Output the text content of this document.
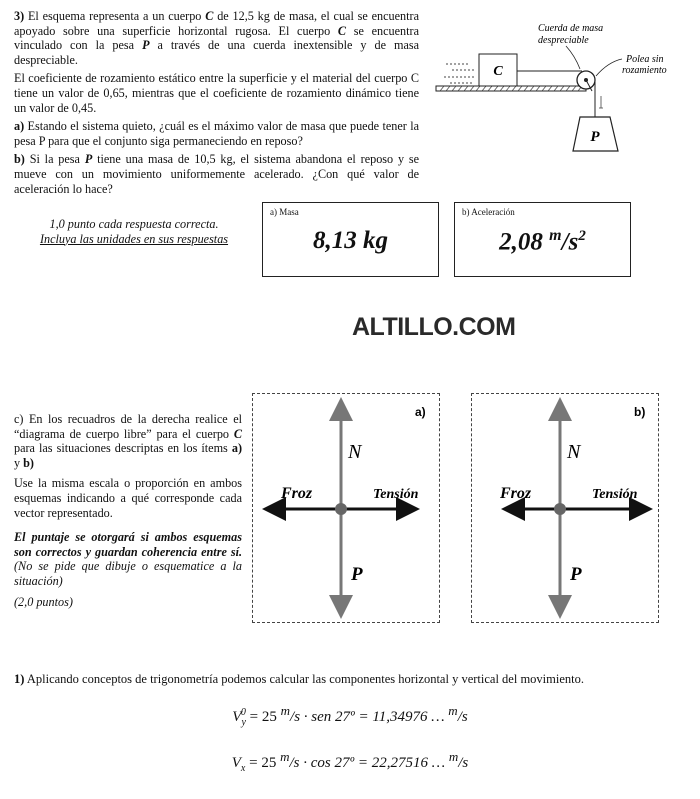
3) El esquema representa a un cuerpo C de 12,5 kg de masa, el cual se encuentra apoyado sobre una superficie horizontal rugosa. El cuerpo C se encuentra vinculado con la pesa P a través de una cuerda inextensible y de masa despreciable.

El coeficiente de rozamiento estático entre la superficie y el material del cuerpo C tiene un valor de 0,65, mientras que el coeficiente de rozamiento dinámico tiene un valor de 0,45.

a) Estando el sistema quieto, ¿cuál es el máximo valor de masa que puede tener la pesa P para que el conjunto siga permaneciendo en reposo?

b) Si la pesa P tiene una masa de 10,5 kg, el sistema abandona el reposo y se mueve con un movimiento uniformemente acelerado. ¿Con qué valor de aceleración lo hace?

C
P
Cuerda de masa
despreciable
Polea sin
rozamiento
1,0 punto cada respuesta correcta.
Incluya las unidades en sus respuestas
a) Masa
8,13 kg
b) Aceleración
2,08 $^m/s^2$
ALTILLO.COM

c) En los recuadros de la derecha realice el “diagrama de cuerpo libre” para el cuerpo C para las situaciones descriptas en los ítems a) y b)

Use la misma escala o proporción en ambos esquemas indicando a qué corresponde cada vector representado.

El puntaje se otorgará si ambos esquemas son correctos y guardan coherencia entre sí. (No se pide que dibuje o esquematice a la situación)

(2,0 puntos)

N
Froz	Tensión
P
a)
N
Froz	Tensión
P
b)
1) Aplicando conceptos de trigonometría podemos calcular las componentes horizontal y vertical del movimiento.
$V_y^0 = 25$ $^m$/s · sen 27º = 11,34976 … $^m$/s
$V_x = 25$ $^m$/s · cos 27º = 22,27516 … $^m$/s
